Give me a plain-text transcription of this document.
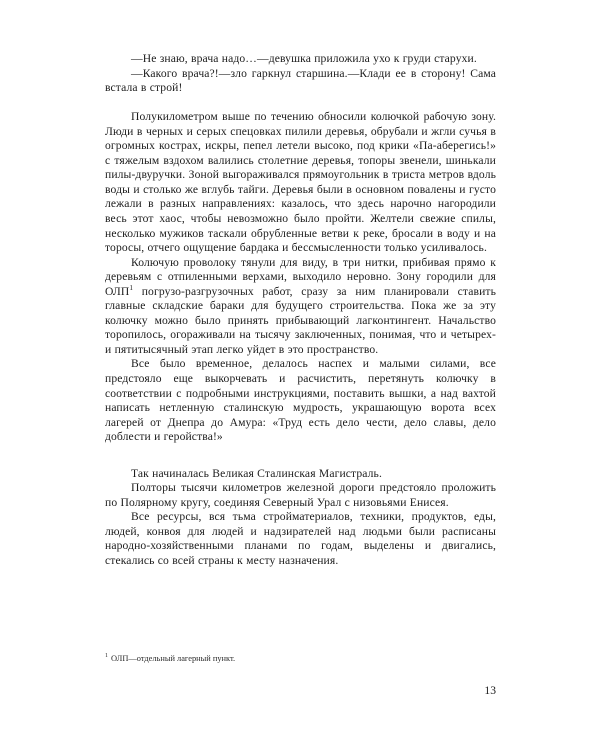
—Не знаю, врача надо…—девушка приложила ухо к груди старухи.

—Какого врача?!—зло гаркнул старшина.—Клади ее в сторону! Сама встала в строй!

Полукилометром выше по течению обносили колючкой рабочую зону. Люди в черных и серых спецовках пилили деревья, обрубали и жгли сучья в огромных кострах, искры, пепел летели высоко, под крики «Па-аберегись!» с тяжелым вздохом валились столетние деревья, топоры звенели, шинькали пилы-двуручки. Зоной выгораживался прямоугольник в триста метров вдоль воды и столько же вглубь тайги. Деревья были в основном повалены и густо лежали в разных направлениях: казалось, что здесь нарочно нагородили весь этот хаос, чтобы невозможно было пройти. Желтели свежие спилы, несколько мужиков таскали обрубленные ветви к реке, бросали в воду и на торосы, отчего ощущение бардака и бессмысленности только усиливалось.

Колючую проволоку тянули для виду, в три нитки, прибивая прямо к деревьям с отпиленными верхами, выходило неровно. Зону городили для ОЛП$^1$ погрузо-разгрузочных работ, сразу за ним планировали ставить главные складские бараки для будущего строительства. Пока же за эту колючку можно было принять прибывающий лагконтингент. Начальство торопилось, огораживали на тысячу заключенных, понимая, что и четырех- и пятитысячный этап легко уйдет в это пространство.

Все было временное, делалось наспех и малыми силами, все предстояло еще выкорчевать и расчистить, перетянуть колючку в соответствии с подробными инструкциями, поставить вышки, а над вахтой написать нетленную сталинскую мудрость, украшающую ворота всех лагерей от Днепра до Амура: «Труд есть дело чести, дело славы, дело доблести и геройства!»

Так начиналась Великая Сталинская Магистраль.

Полторы тысячи километров железной дороги предстояло проложить по Полярному кругу, соединяя Северный Урал с низовьями Енисея.

Все ресурсы, вся тьма стройматериалов, техники, продуктов, еды, людей, конвоя для людей и надзирателей над людьми были расписаны народно-хозяйственными планами по годам, выделены и двигались, стекались со всей страны к месту назначения.

$^1$ ОЛП—отдельный лагерный пункт.
13
